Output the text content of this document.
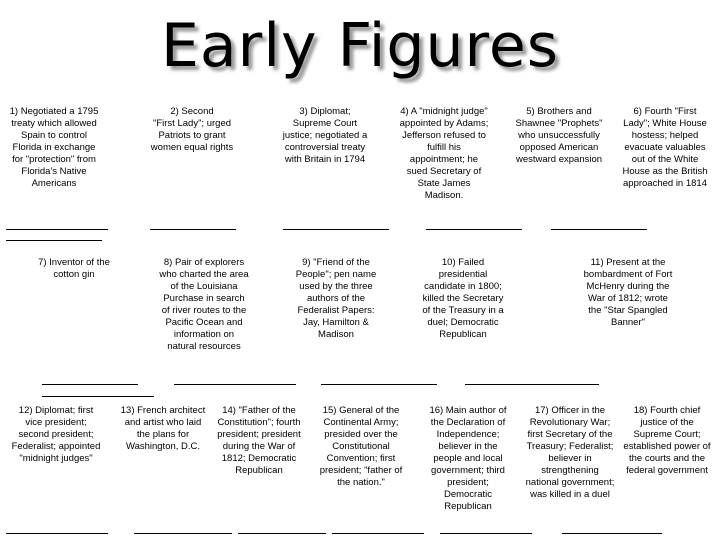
Early Figures
1) Negotiated a 1795
treaty which allowed
Spain to control
Florida in exchange
for "protection" from
Florida's Native
Americans
2) Second
"First Lady"; urged
Patriots to grant
women equal rights
3) Diplomat;
Supreme Court
justice; negotiated a
controversial treaty
with Britain in 1794
4) A "midnight judge"
appointed by Adams;
Jefferson refused to
fulfill his
appointment; he
sued Secretary of
State James
Madison.
5) Brothers and
Shawnee "Prophets"
who unsuccessfully
opposed American
westward expansion
6) Fourth "First
Lady"; White House
hostess; helped
evacuate valuables
out of the White
House as the British
approached in 1814
7) Inventor of the
cotton gin
8) Pair of explorers
who charted the area
of the Louisiana
Purchase in search
of river routes to the
Pacific Ocean and
information on
natural resources
9) "Friend of the
People"; pen name
used by the three
authors of the
Federalist Papers:
Jay, Hamilton &
Madison
10) Failed
presidential
candidate in 1800;
killed the Secretary
of the Treasury in a
duel; Democratic
Republican
11) Present at the
bombardment of Fort
McHenry during the
War of 1812; wrote
the "Star Spangled
Banner"
12) Diplomat; first
vice president;
second president;
Federalist; appointed
"midnight judges"
13) French architect
and artist who laid
the plans for
Washington, D.C.
14) "Father of the
Constitution"; fourth
president; president
during the War of
1812; Democratic
Republican
15) General of the
Continental Army;
presided over the
Constitutional
Convention; first
president; "father of
the nation."
16) Main author of
the Declaration of
Independence;
believer in the
people and local
government; third
president;
Democratic
Republican
17) Officer in the
Revolutionary War;
first Secretary of the
Treasury; Federalist;
believer in
strengthening
national government;
was killed in a duel
18) Fourth chief
justice of the
Supreme Court;
established power of
the courts and the
federal government
